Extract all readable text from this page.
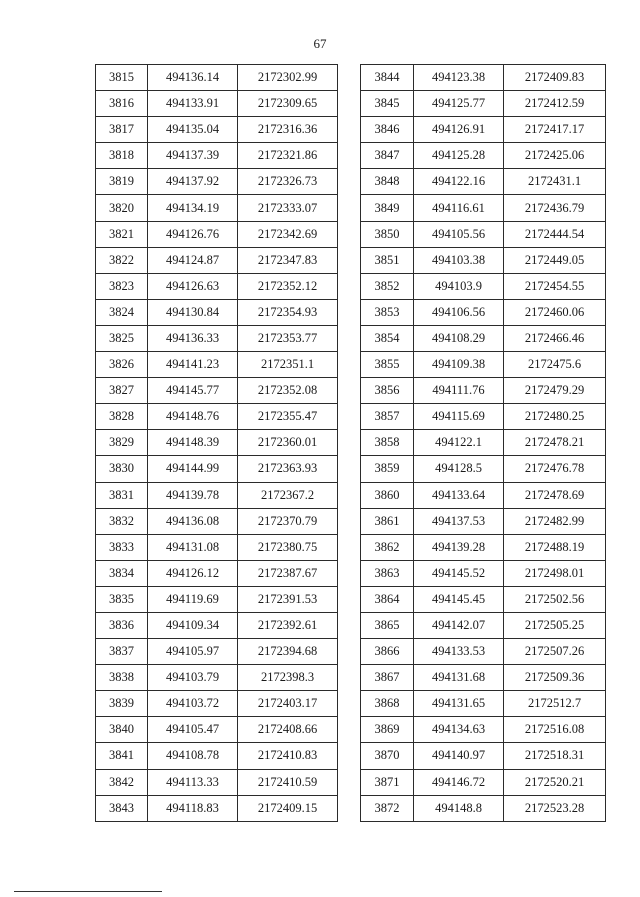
67
3815	494136.14	2172302.99
3816	494133.91	2172309.65
3817	494135.04	2172316.36
3818	494137.39	2172321.86
3819	494137.92	2172326.73
3820	494134.19	2172333.07
3821	494126.76	2172342.69
3822	494124.87	2172347.83
3823	494126.63	2172352.12
3824	494130.84	2172354.93
3825	494136.33	2172353.77
3826	494141.23	2172351.1
3827	494145.77	2172352.08
3828	494148.76	2172355.47
3829	494148.39	2172360.01
3830	494144.99	2172363.93
3831	494139.78	2172367.2
3832	494136.08	2172370.79
3833	494131.08	2172380.75
3834	494126.12	2172387.67
3835	494119.69	2172391.53
3836	494109.34	2172392.61
3837	494105.97	2172394.68
3838	494103.79	2172398.3
3839	494103.72	2172403.17
3840	494105.47	2172408.66
3841	494108.78	2172410.83
3842	494113.33	2172410.59
3843	494118.83	2172409.15
3844	494123.38	2172409.83
3845	494125.77	2172412.59
3846	494126.91	2172417.17
3847	494125.28	2172425.06
3848	494122.16	2172431.1
3849	494116.61	2172436.79
3850	494105.56	2172444.54
3851	494103.38	2172449.05
3852	494103.9	2172454.55
3853	494106.56	2172460.06
3854	494108.29	2172466.46
3855	494109.38	2172475.6
3856	494111.76	2172479.29
3857	494115.69	2172480.25
3858	494122.1	2172478.21
3859	494128.5	2172476.78
3860	494133.64	2172478.69
3861	494137.53	2172482.99
3862	494139.28	2172488.19
3863	494145.52	2172498.01
3864	494145.45	2172502.56
3865	494142.07	2172505.25
3866	494133.53	2172507.26
3867	494131.68	2172509.36
3868	494131.65	2172512.7
3869	494134.63	2172516.08
3870	494140.97	2172518.31
3871	494146.72	2172520.21
3872	494148.8	2172523.28
